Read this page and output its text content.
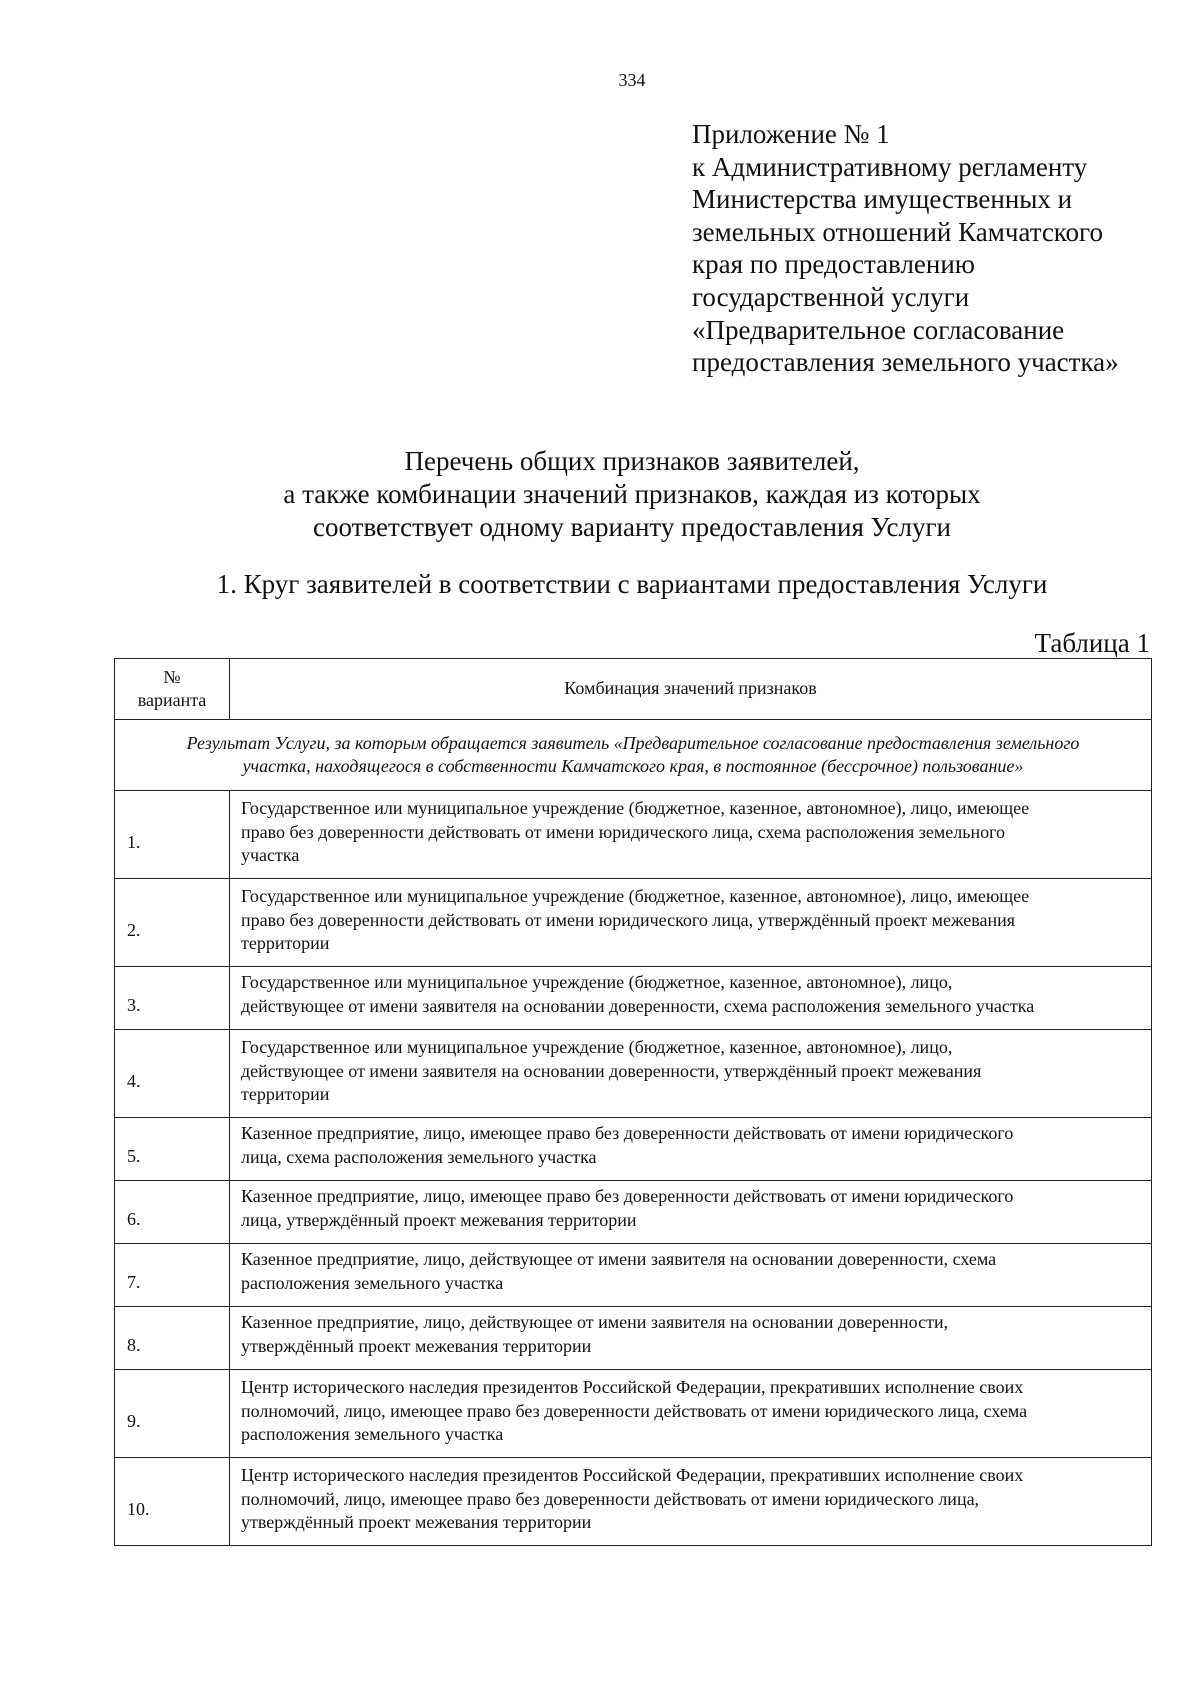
334
Приложение № 1
к Административному регламенту
Министерства имущественных и
земельных отношений Камчатского
края по предоставлению
государственной услуги
«Предварительное согласование
предоставления земельного участка»
Перечень общих признаков заявителей,
а также комбинации значений признаков, каждая из которых
соответствует одному варианту предоставления Услуги
1. Круг заявителей в соответствии с вариантами предоставления Услуги
Таблица 1
№
варианта	Комбинация значений признаков

Результат Услуги, за которым обращается заявитель «Предварительное согласование предоставления земельного
участка, находящегося в собственности Камчатского края, в постоянное (бессрочное) пользование»	

1.	Государственное или муниципальное учреждение (бюджетное, казенное, автономное), лицо, имеющее
право без доверенности действовать от имени юридического лица, схема расположения земельного
участка

2.	Государственное или муниципальное учреждение (бюджетное, казенное, автономное), лицо, имеющее
право без доверенности действовать от имени юридического лица, утверждённый проект межевания
территории

3.	Государственное или муниципальное учреждение (бюджетное, казенное, автономное), лицо,
действующее от имени заявителя на основании доверенности, схема расположения земельного участка

4.	Государственное или муниципальное учреждение (бюджетное, казенное, автономное), лицо,
действующее от имени заявителя на основании доверенности, утверждённый проект межевания
территории

5.	Казенное предприятие, лицо, имеющее право без доверенности действовать от имени юридического
лица, схема расположения земельного участка

6.	Казенное предприятие, лицо, имеющее право без доверенности действовать от имени юридического
лица, утверждённый проект межевания территории

7.	Казенное предприятие, лицо, действующее от имени заявителя на основании доверенности, схема
расположения земельного участка

8.	Казенное предприятие, лицо, действующее от имени заявителя на основании доверенности,
утверждённый проект межевания территории

9.	Центр исторического наследия президентов Российской Федерации, прекративших исполнение своих
полномочий, лицо, имеющее право без доверенности действовать от имени юридического лица, схема
расположения земельного участка

10.	Центр исторического наследия президентов Российской Федерации, прекративших исполнение своих
полномочий, лицо, имеющее право без доверенности действовать от имени юридического лица,
утверждённый проект межевания территории
